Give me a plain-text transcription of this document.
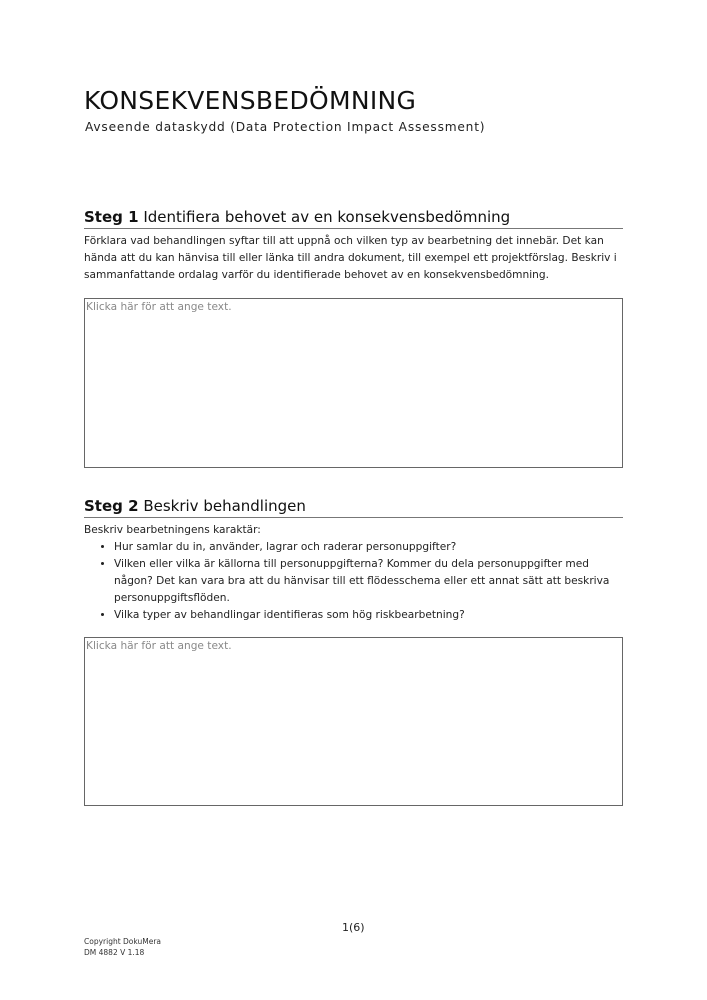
KONSEKVENSBEDÖMNING
Avseende dataskydd (Data Protection Impact Assessment)
Steg 1 Identifiera behovet av en konsekvensbedömning
Förklara vad behandlingen syftar till att uppnå och vilken typ av bearbetning det innebär. Det kan hända att du kan hänvisa till eller länka till andra dokument, till exempel ett projektförslag. Beskriv i sammanfattande ordalag varför du identifierade behovet av en konsekvensbedömning.
Klicka här för att ange text.
Steg 2 Beskriv behandlingen
Beskriv bearbetningens karaktär:
• Hur samlar du in, använder, lagrar och raderar personuppgifter?
• Vilken eller vilka är källorna till personuppgifterna? Kommer du dela personuppgifter med någon? Det kan vara bra att du hänvisar till ett flödesschema eller ett annat sätt att beskriva personuppgiftsflöden.
• Vilka typer av behandlingar identifieras som hög riskbearbetning?
Klicka här för att ange text.
1(6)
Copyright DokuMera
DM 4882 V 1.18
